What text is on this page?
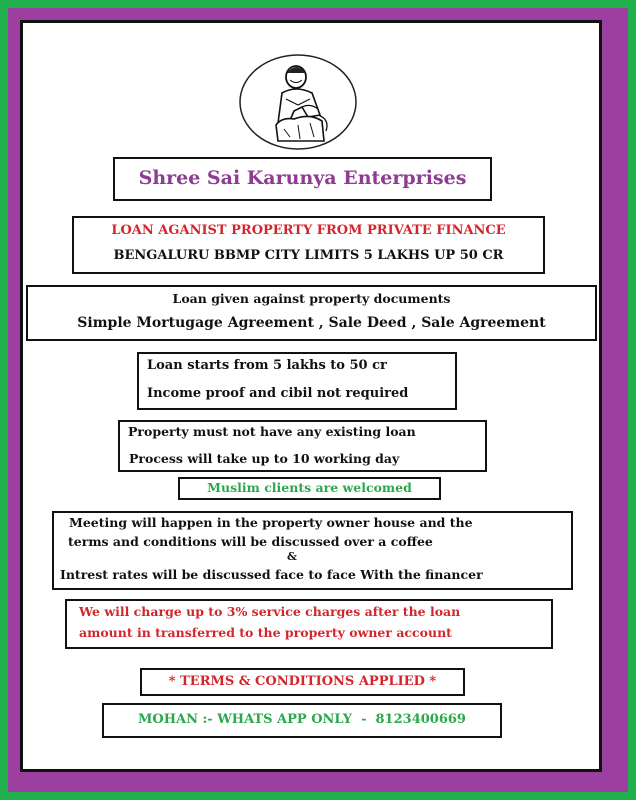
Shree Sai Karunya Enterprises
LOAN AGANIST PROPERTY FROM PRIVATE FINANCE
BENGALURU BBMP CITY LIMITS 5 LAKHS UP 50 CR
Loan given against property documents
Simple Mortugage Agreement , Sale Deed , Sale Agreement
Loan starts from 5 lakhs to 50 cr
Income proof and cibil not required
Property must not have any existing loan
Process will take up to 10 working day
Muslim clients are welcomed
Meeting will happen in the property owner house and the
terms and conditions will be discussed over a coffee
&
Intrest rates will be discussed face to face With the financer
We will charge up to 3% service charges after the loan
amount in transferred to the property owner account
* TERMS & CONDITIONS APPLIED *
MOHAN :- WHATS APP ONLY  -  8123400669
